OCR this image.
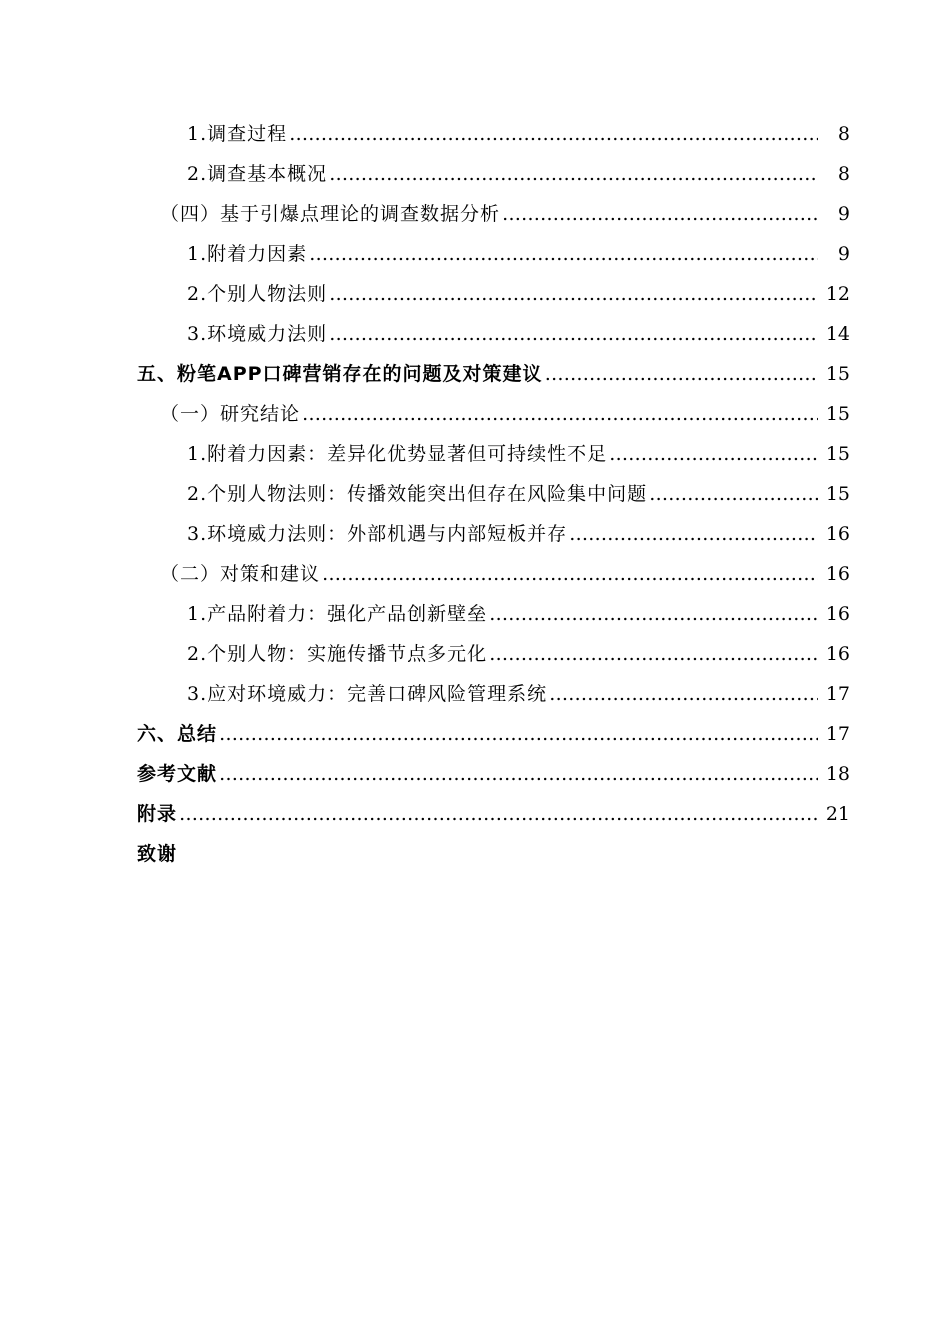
1.调查过程 ……………………………………………………………………………………………………………………………………………………………………………	8
2.调查基本概况 ……………………………………………………………………………………………………………………………………………………………………………	8
（四）基于引爆点理论的调查数据分析 ……………………………………………………………………………………………………………………………………………………………………………	9
1.附着力因素 ……………………………………………………………………………………………………………………………………………………………………………	9
2.个别人物法则 ……………………………………………………………………………………………………………………………………………………………………………	12
3.环境威力法则 ……………………………………………………………………………………………………………………………………………………………………………	14
五、粉笔APP口碑营销存在的问题及对策建议 ……………………………………………………………………………………………………………………………………………………………………………	15
（一）研究结论 ……………………………………………………………………………………………………………………………………………………………………………	15
1.附着力因素：差异化优势显著但可持续性不足 ……………………………………………………………………………………………………………………………………………………………………………	15
2.个别人物法则：传播效能突出但存在风险集中问题 ……………………………………………………………………………………………………………………………………………………………………………	15
3.环境威力法则：外部机遇与内部短板并存 ……………………………………………………………………………………………………………………………………………………………………………	16
（二）对策和建议 ……………………………………………………………………………………………………………………………………………………………………………	16
1.产品附着力：强化产品创新壁垒 ……………………………………………………………………………………………………………………………………………………………………………	16
2.个别人物：实施传播节点多元化 ……………………………………………………………………………………………………………………………………………………………………………	16
3.应对环境威力：完善口碑风险管理系统 ……………………………………………………………………………………………………………………………………………………………………………	17
六、总结 ……………………………………………………………………………………………………………………………………………………………………………	17
参考文献 ……………………………………………………………………………………………………………………………………………………………………………	18
附录 ……………………………………………………………………………………………………………………………………………………………………………	21
致谢
